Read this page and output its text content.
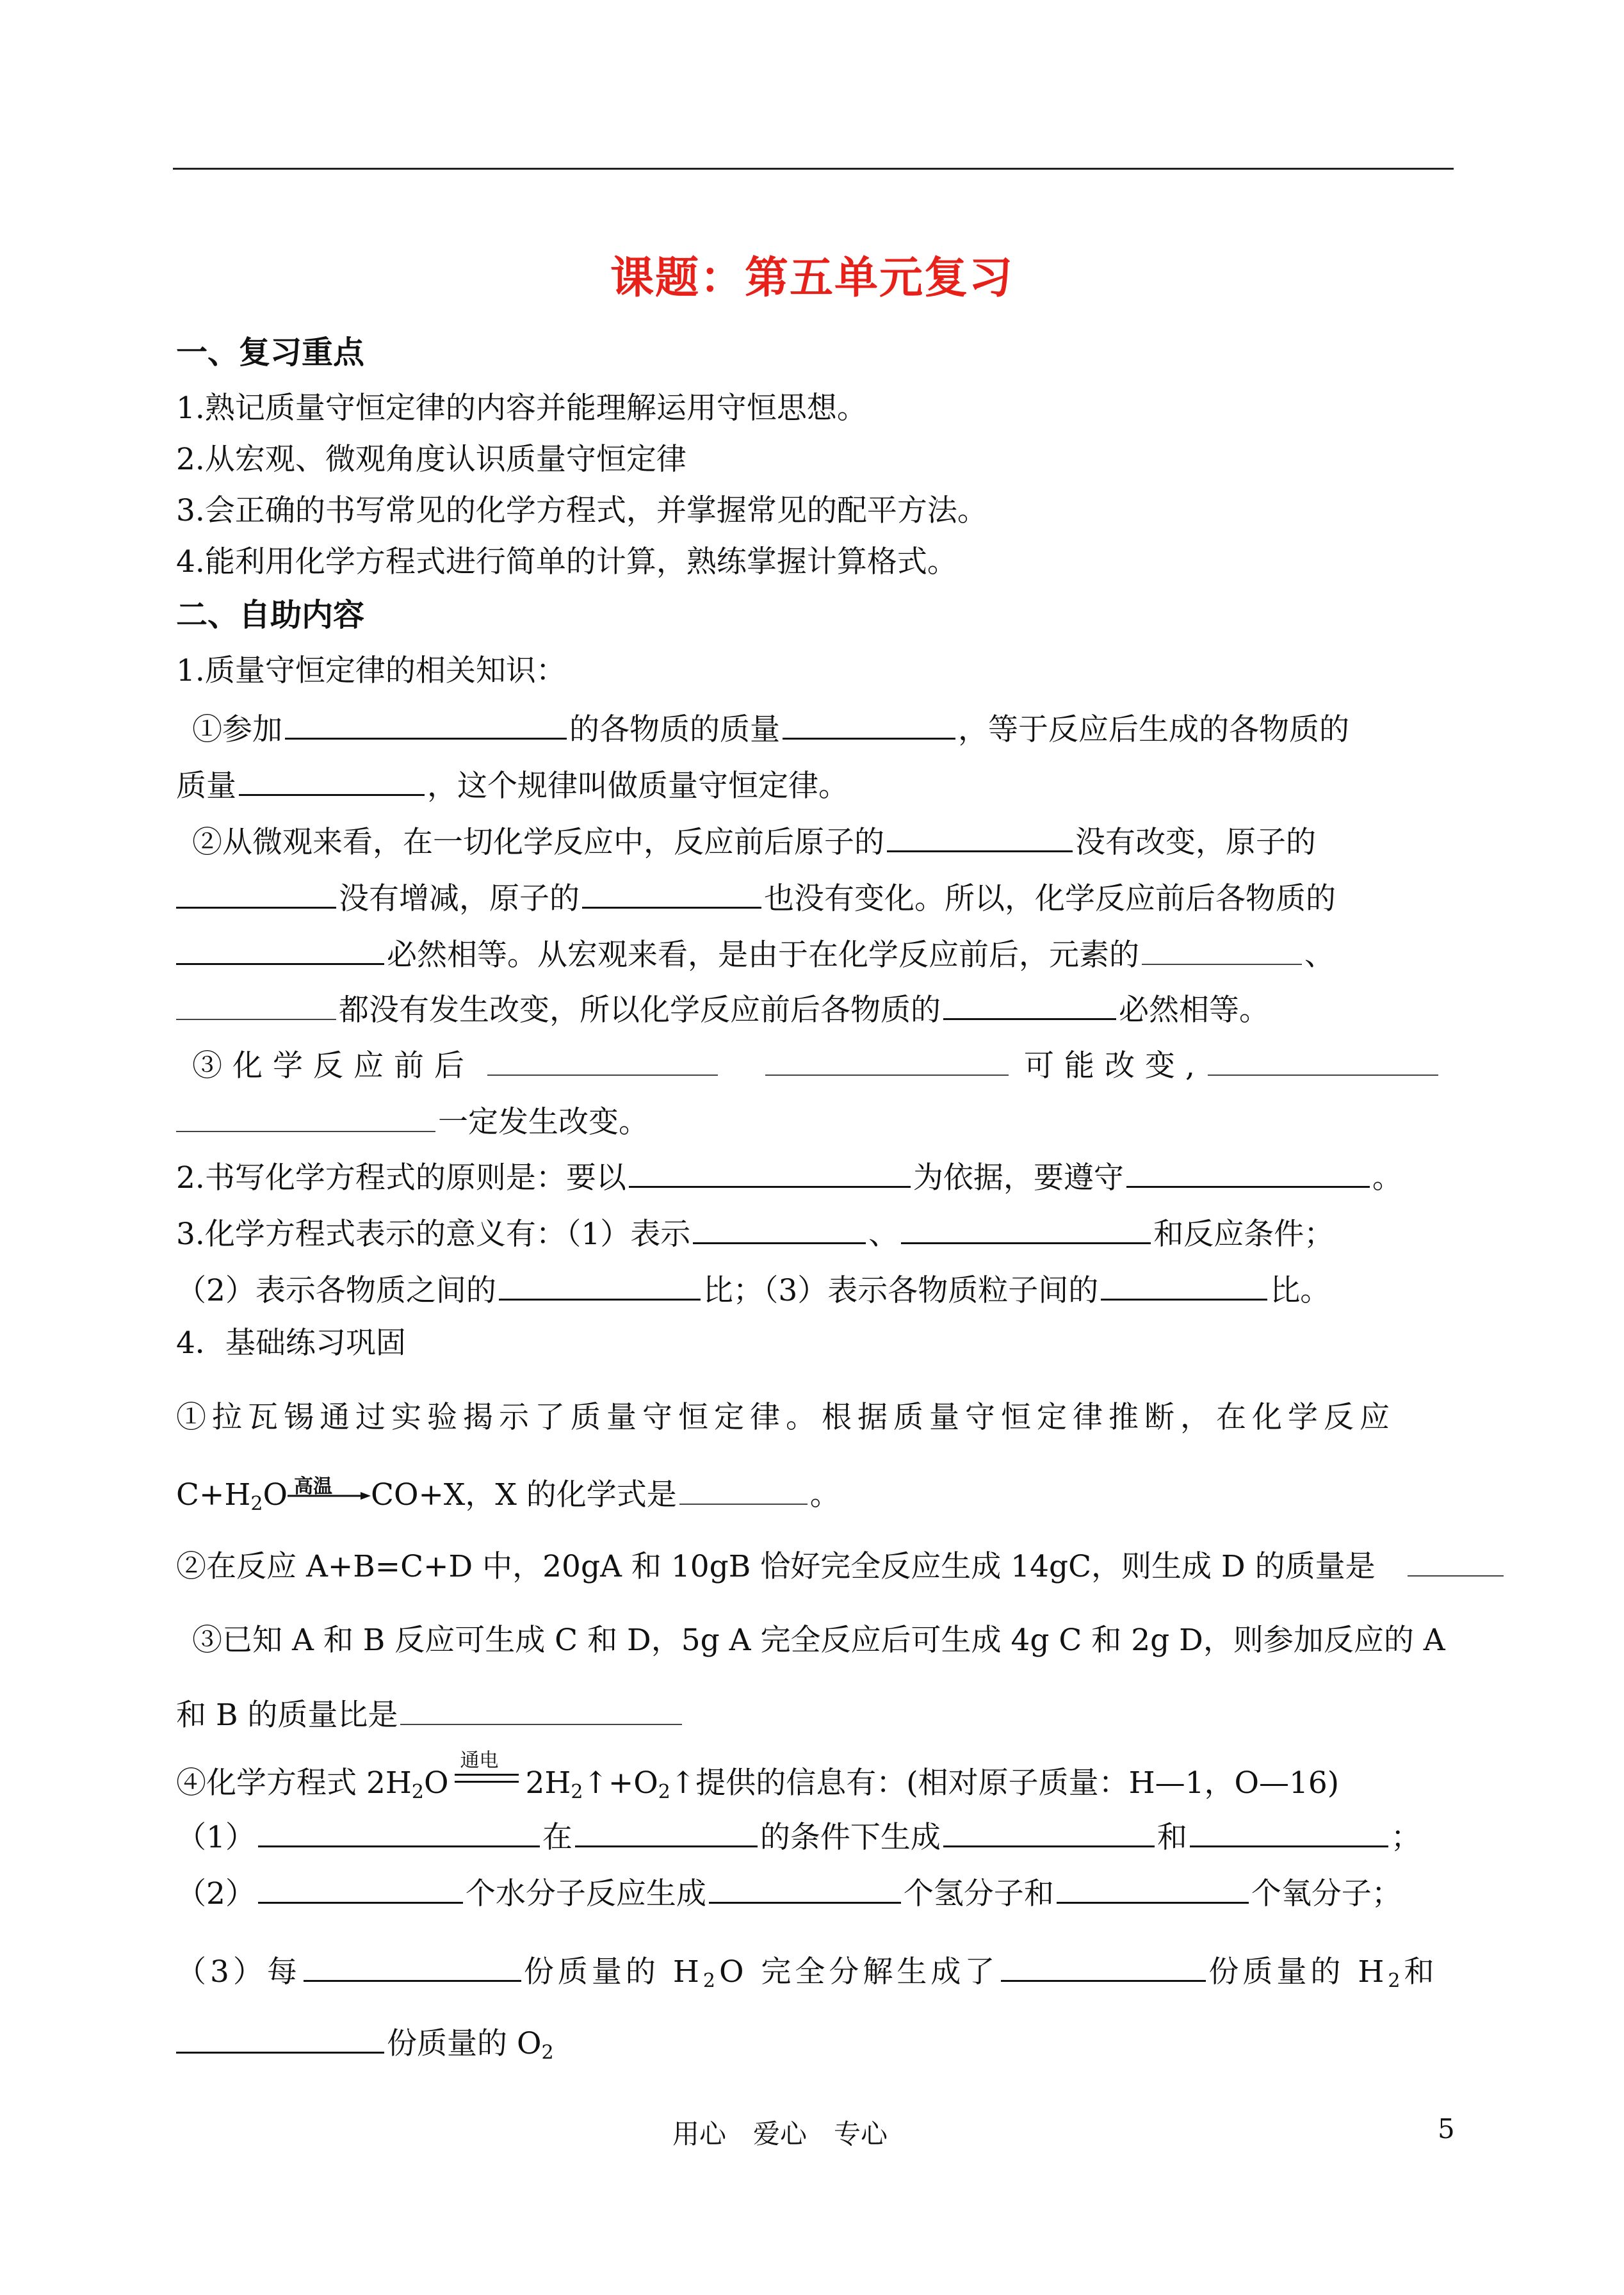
课题：第五单元复习
一、复习重点
1.熟记质量守恒定律的内容并能理解运用守恒思想。
2.从宏观、微观角度认识质量守恒定律
3.会正确的书写常见的化学方程式，并掌握常见的配平方法。
4.能利用化学方程式进行简单的计算，熟练掌握计算格式。
二、自助内容
1.质量守恒定律的相关知识：
①参加	的各物质的质量	，等于反应后生成的各物质的
质量	，这个规律叫做质量守恒定律。
②从微观来看，在一切化学反应中，反应前后原子的	没有改变，原子的
没有增减，原子的	也没有变化。所以，化学反应前后各物质的
必然相等。从宏观来看，是由于在化学反应前后，元素的	、
都没有发生改变，所以化学反应前后各物质的	必然相等。
③化学反应前后	可能改变,
一定发生改变。
2.书写化学方程式的原则是：要以	为依据，要遵守	。
3.化学方程式表示的意义有：（1）表示	、	和反应条件；
（2）表示各物质之间的	比；（3）表示各物质粒子间的	比。
4．基础练习巩固
①拉瓦锡通过实验揭示了质量守恒定律。根据质量守恒定律推断，在化学反应
$C+H_2O$ 高温 CO+X，X 的化学式是	。
②在反应 A+B=C+D 中，20gA 和 10gB 恰好完全反应生成 14gC，则生成 D 的质量是
③已知 A 和 B 反应可生成 C 和 D，5g A 完全反应后可生成 4g C 和 2g D，则参加反应的 A
和 B 的质量比是
④化学方程式 $2H_2O$
通电
$2H_2↑+O_2↑$提供的信息有：(相对原子质量：H—1，O—16)
（1）	在	的条件下生成	和	；
（2）	个水分子反应生成	个氢分子和	个氧分子；
（3）每	份质量的 $H_2O$ 完全分解生成了	份质量的 $H_2$和
份质量的 $O_2$
用心　爱心　专心	5
